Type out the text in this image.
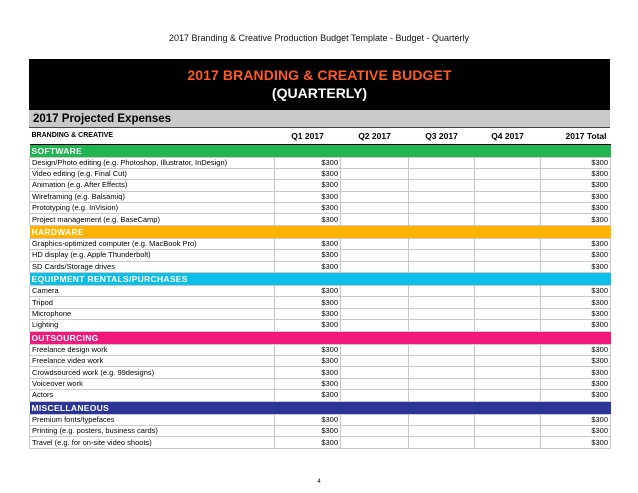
2017 Branding & Creative Production Budget Template - Budget - Quarterly
2017 BRANDING & CREATIVE BUDGET
(QUARTERLY)
2017 Projected Expenses
BRANDING & CREATIVE	Q1 2017	Q2 2017	Q3 2017	Q4 2017	2017 Total
SOFTWARE					
Design/Photo editing (e.g. Photoshop, Illustrator, InDesign)	$300				$300
Video editing (e.g. Final Cut)	$300				$300
Animation (e.g. After Effects)	$300				$300
Wireframing (e.g. Balsamiq)	$300				$300
Prototyping (e.g. InVision)	$300				$300
Project management (e.g. BaseCamp)	$300				$300
HARDWARE					
Graphics-optimized computer (e.g. MacBook Pro)	$300				$300
HD display (e.g. Apple Thunderbolt)	$300				$300
SD Cards/Storage drives	$300				$300
EQUIPMENT RENTALS/PURCHASES					
Camera	$300				$300
Tripod	$300				$300
Microphone	$300				$300
Lighting	$300				$300
OUTSOURCING					
Freelance design work	$300				$300
Freelance video work	$300				$300
Crowdsourced work (e.g. 99designs)	$300				$300
Voiceover work	$300				$300
Actors	$300				$300
MISCELLANEOUS					
Premium fonts/typefaces	$300				$300
Printing (e.g. posters, business cards)	$300				$300
Travel (e.g. for on-site video shoots)	$300				$300
4
